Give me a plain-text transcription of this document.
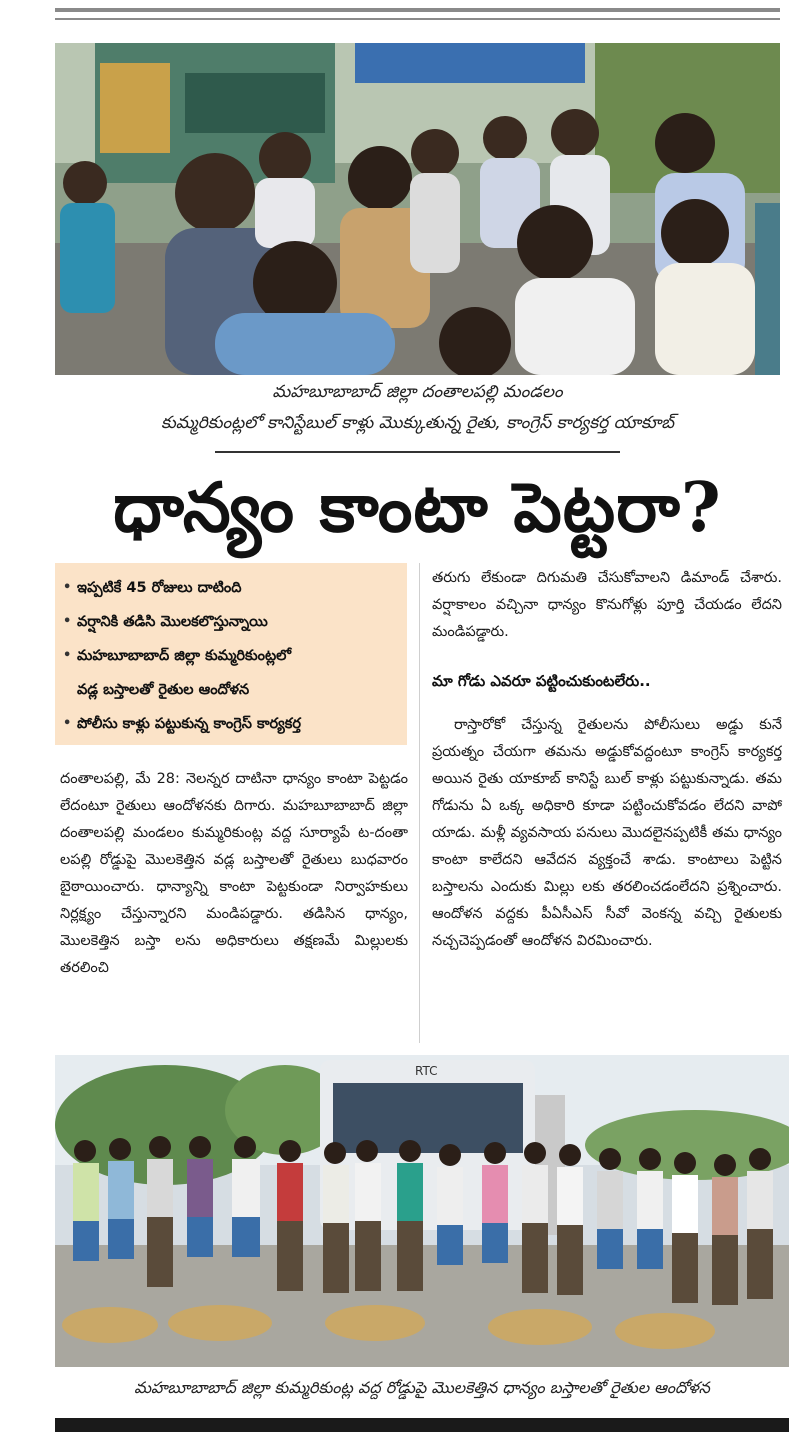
మహబూబాబాద్ జిల్లా దంతాలపల్లి మండలం
కుమ్మరికుంట్లలో కానిస్టేబుల్ కాళ్లు మొక్కుతున్న రైతు, కాంగ్రెస్ కార్యకర్త యాకూబ్
ధాన్యం కాంటా పెట్టరా?
• ఇప్పటికే 45 రోజులు దాటింది
• వర్షానికి తడిసి మొలకలొస్తున్నాయి
• మహబూబాబాద్ జిల్లా కుమ్మరికుంట్లలో
వడ్ల బస్తాలతో రైతుల ఆందోళన
• పోలీసు కాళ్లు పట్టుకున్న కాంగ్రెస్ కార్యకర్త

దంతాలపల్లి, మే 28: నెలన్నర దాటినా ధాన్యం కాంటా పెట్టడం లేదంటూ రైతులు ఆందోళనకు దిగారు. మహబూబాబాద్ జిల్లా దంతాలపల్లి మండలం కుమ్మరికుంట్ల వద్ద సూర్యాపే ట-దంతా లపల్లి రోడ్డుపై మొలకెత్తిన వడ్ల బస్తాలతో రైతులు బుధవారం బైఠాయించారు. ధాన్యాన్ని కాంటా పెట్టకుండా నిర్వాహకులు నిర్లక్ష్యం చేస్తున్నారని మండిపడ్డారు. తడిసిన ధాన్యం, మొలకెత్తిన బస్తా లను అధికారులు తక్షణమే మిల్లులకు తరలించి

తరుగు లేకుండా దిగుమతి చేసుకోవాలని డిమాండ్ చేశారు. వర్షాకాలం వచ్చినా ధాన్యం కొనుగోళ్లు పూర్తి చేయడం లేదని మండిపడ్డారు.

మా గోడు ఎవరూ పట్టించుకుంటలేరు..

రాస్తారోకో చేస్తున్న రైతులను పోలీసులు అడ్డు కునే ప్రయత్నం చేయగా తమను అడ్డుకోవద్దంటూ కాంగ్రెస్ కార్యకర్త అయిన రైతు యాకూబ్ కానిస్టే బుల్ కాళ్లు పట్టుకున్నాడు. తమ గోడును ఏ ఒక్క అధికారి కూడా పట్టించుకోవడం లేదని వాపో యాడు. మళ్లీ వ్యవసాయ పనులు మొదలైనప్పటికీ తమ ధాన్యం కాంటా కాలేదని ఆవేదన వ్యక్తంచే శాడు. కాంటాలు పెట్టిన బస్తాలను ఎందుకు మిల్లు లకు తరలించడంలేదని ప్రశ్నించారు. ఆందోళన వద్దకు పీఏసీఎస్ సీవో వెంకన్న వచ్చి రైతులకు నచ్చచెప్పడంతో ఆందోళన విరమించారు.

RTC
మహబూబాబాద్ జిల్లా కుమ్మరికుంట్ల వద్ద రోడ్డుపై మొలకెత్తిన ధాన్యం బస్తాలతో రైతుల ఆందోళన
